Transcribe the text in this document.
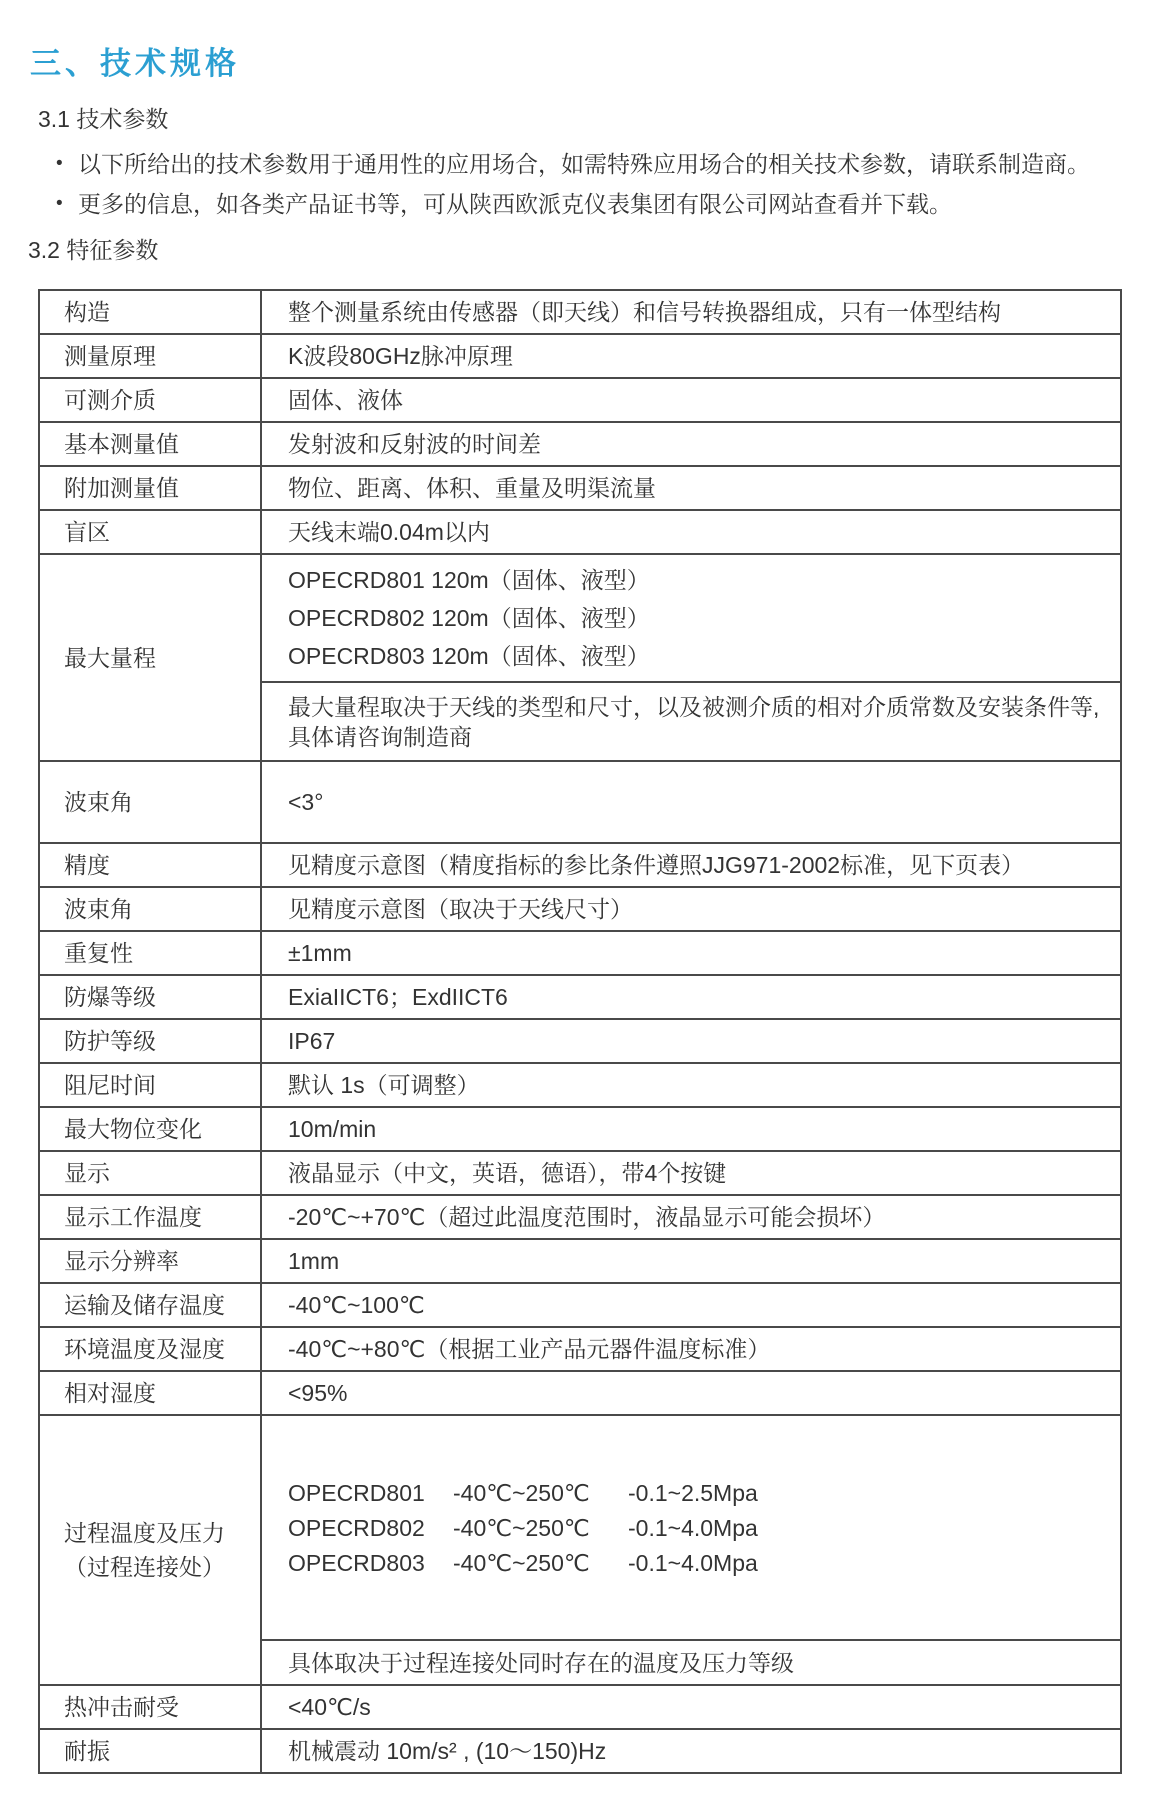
三、技术规格
3.1 技术参数
• 以下所给出的技术参数用于通用性的应用场合，如需特殊应用场合的相关技术参数，请联系制造商。
• 更多的信息，如各类产品证书等，可从陕西欧派克仪表集团有限公司网站查看并下载。
3.2 特征参数
构造	整个测量系统由传感器（即天线）和信号转换器组成，只有一体型结构
测量原理	K波段80GHz脉冲原理
可测介质	固体、液体
基本测量值	发射波和反射波的时间差
附加测量值	物位、距离、体积、重量及明渠流量
盲区	天线末端0.04m以内
最大量程	OPECRD801 120m（固体、液型）
OPECRD802 120m（固体、液型）
OPECRD803 120m（固体、液型）

	最大量程取决于天线的类型和尺寸，以及被测介质的相对介质常数及安装条件等,具体请咨询制造商
波束角	<3°
精度	见精度示意图（精度指标的参比条件遵照JJG971-2002标准，见下页表）
波束角	见精度示意图（取决于天线尺寸）
重复性	±1mm
防爆等级	ExiaIICT6；ExdIICT6
防护等级	IP67
阻尼时间	默认 1s（可调整）
最大物位变化	10m/min
显示	液晶显示（中文，英语，德语），带4个按键
显示工作温度	-20℃~+70℃（超过此温度范围时，液晶显示可能会损坏）
显示分辨率	1mm
运输及储存温度	-40℃~100℃
环境温度及湿度	-40℃~+80℃（根据工业产品元器件温度标准）
相对湿度	<95%

过程温度及压力
（过程连接处）

OPECRD801	-40℃~250℃	-0.1~2.5Mpa
OPECRD802	-40℃~250℃	-0.1~4.0Mpa
OPECRD803	-40℃~250℃	-0.1~4.0Mpa

	具体取决于过程连接处同时存在的温度及压力等级
热冲击耐受	<40℃/s
耐振	机械震动 10m/s² , (10～150)Hz
